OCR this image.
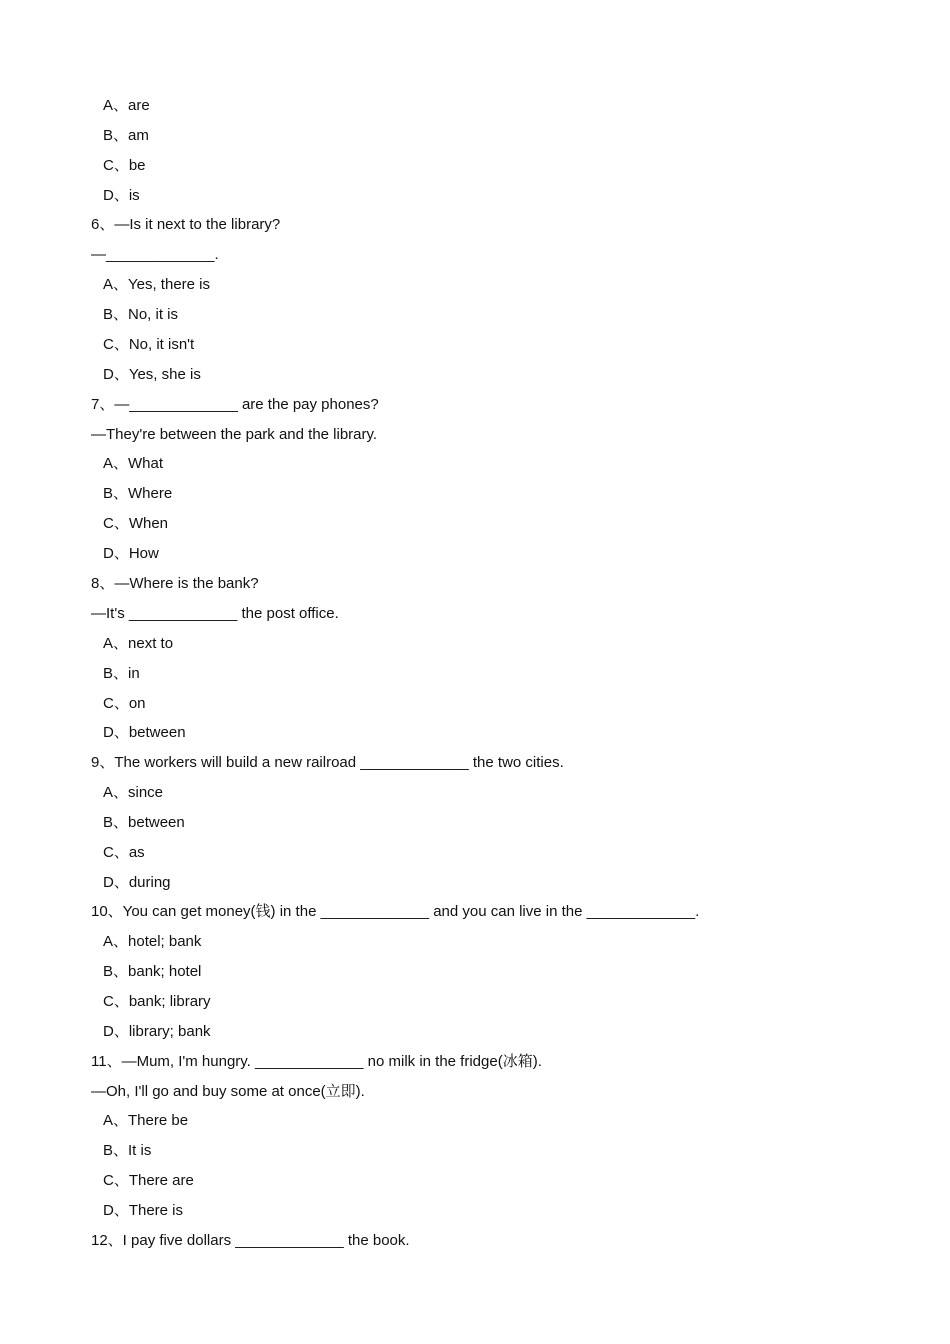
A、are
B、am
C、be
D、is
6、—Is it next to the library?
—_____________.
A、Yes, there is
B、No, it is
C、No, it isn't
D、Yes, she is
7、—_____________ are the pay phones?
—They're between the park and the library.
A、What
B、Where
C、When
D、How
8、—Where is the bank?
—It's _____________ the post office.
A、next to
B、in
C、on
D、between
9、The workers will build a new railroad _____________ the two cities.
A、since
B、between
C、as
D、during
10、You can get money(钱) in the _____________ and you can live in the _____________.
A、hotel; bank
B、bank; hotel
C、bank; library
D、library; bank
11、—Mum, I'm hungry. _____________ no milk in the fridge(冰箱).
—Oh, I'll go and buy some at once(立即).
A、There be
B、It is
C、There are
D、There is
12、I pay five dollars _____________ the book.
